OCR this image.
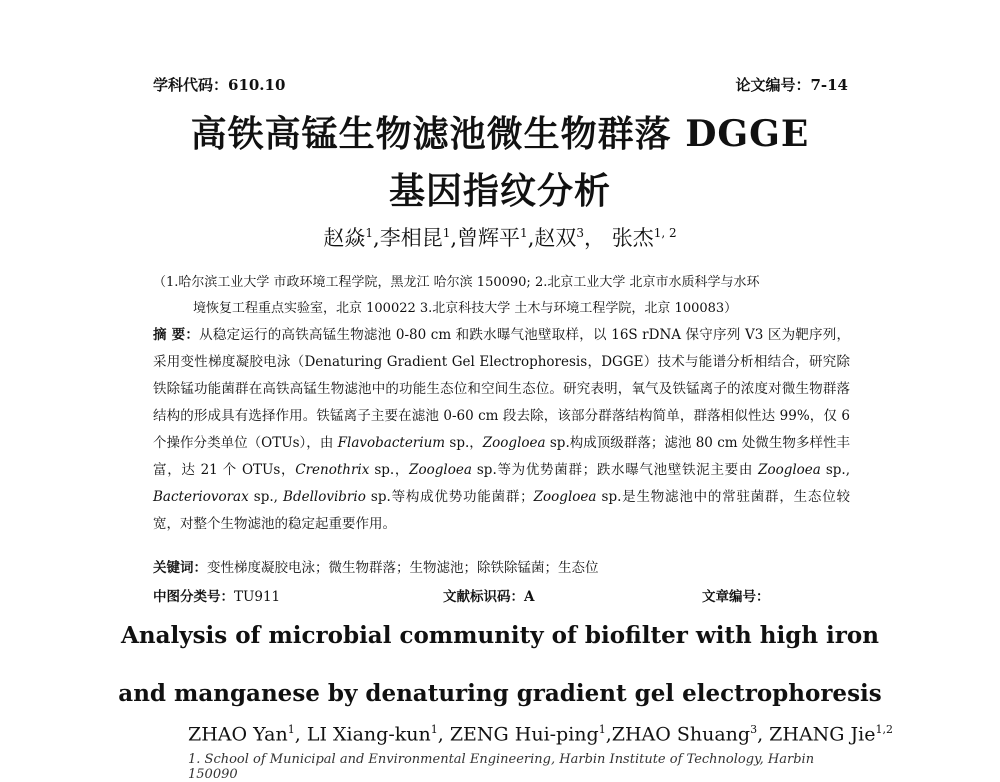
学科代码：610.10	论文编号：7-14
高铁高锰生物滤池微生物群落 DGGE
基因指纹分析
赵焱$^1$,李相昆$^1$,曾辉平$^1$,赵双$^3$， 张杰$^{1, 2}$
（1.哈尔滨工业大学 市政环境工程学院，黑龙江 哈尔滨 150090; 2.北京工业大学 北京市水质科学与水环
境恢复工程重点实验室，北京 100022 3.北京科技大学 土木与环境工程学院，北京 100083）
摘 要：从稳定运行的高铁高锰生物滤池 0-80 cm 和跌水曝气池壁取样，以 16S rDNA 保守序列 V3 区为靶序列，采用变性梯度凝胶电泳（Denaturing Gradient Gel Electrophoresis，DGGE）技术与能谱分析相结合，研究除铁除锰功能菌群在高铁高锰生物滤池中的功能生态位和空间生态位。研究表明，氧气及铁锰离子的浓度对微生物群落结构的形成具有选择作用。铁锰离子主要在滤池 0-60 cm 段去除，该部分群落结构简单，群落相似性达 99%，仅 6 个操作分类单位（OTUs），由 Flavobacterium sp.，Zoogloea sp.构成顶级群落；滤池 80 cm 处微生物多样性丰富，达 21 个 OTUs，Crenothrix sp.，Zoogloea sp.等为优势菌群；跌水曝气池壁铁泥主要由 Zoogloea sp., Bacteriovorax sp., Bdellovibrio sp.等构成优势功能菌群；Zoogloea sp.是生物滤池中的常驻菌群，生态位较宽，对整个生物滤池的稳定起重要作用。
关键词：变性梯度凝胶电泳；微生物群落；生物滤池；除铁除锰菌；生态位
中图分类号：TU911	文献标识码：A	文章编号：
Analysis of microbial community of biofilter with high iron
and manganese by denaturing gradient gel electrophoresis
ZHAO Yan$^1$, LI Xiang-kun$^1$, ZENG Hui-ping$^1$,ZHAO Shuang$^3$, ZHANG Jie$^{1,2}$
1. School of Municipal and Environmental Engineering, Harbin Institute of Technology, Harbin 150090
